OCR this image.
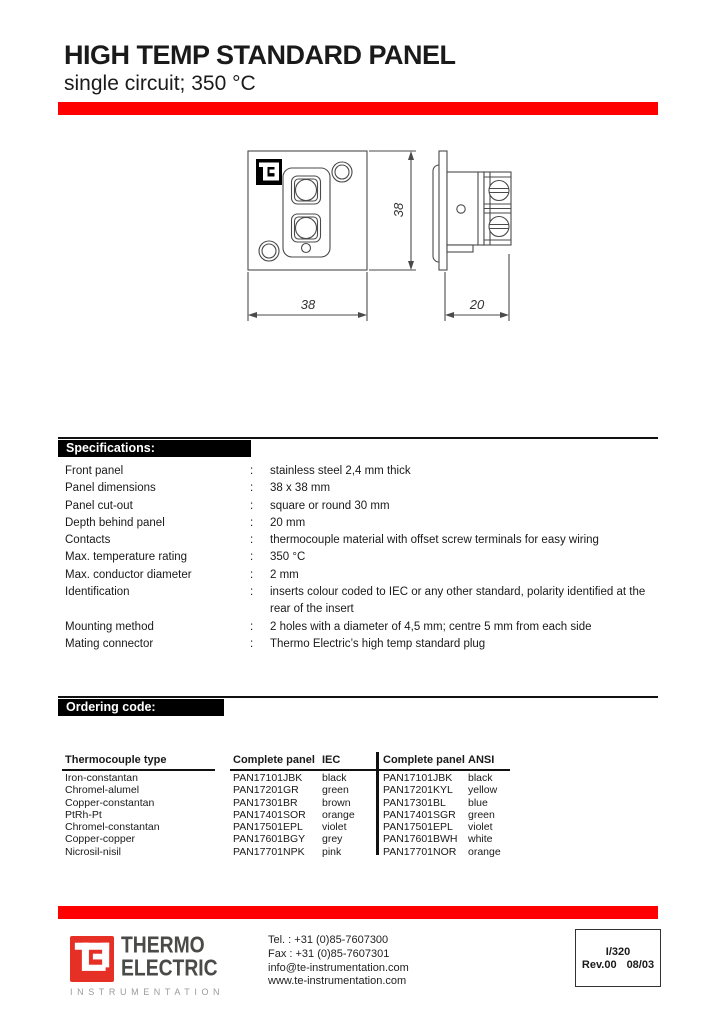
HIGH TEMP STANDARD PANEL
single circuit; 350 °C
38
38	20
Specifications:
Front panel	:	stainless steel 2,4 mm thick
Panel dimensions	:	38 x 38 mm
Panel cut-out	:	square or round 30 mm
Depth behind panel	:	20 mm
Contacts	:	thermocouple material with offset screw terminals for easy wiring
Max. temperature rating	:	350 °C
Max. conductor diameter	:	2 mm
Identification	:	inserts colour coded to IEC or any other standard, polarity identified at the rear of the insert
Mounting method	:	2 holes with a diameter of 4,5 mm; centre 5 mm from each side
Mating connector	:	Thermo Electric’s high temp standard plug
Ordering code:
Thermocouple type	Complete panel IEC	Complete panel ANSI
Iron-constantan	PAN17101JBK	black	PAN17101JBK	black
Chromel-alumel	PAN17201GR	green	PAN17201KYL	yellow
Copper-constantan	PAN17301BR	brown	PAN17301BL	blue
PtRh-Pt	PAN17401SOR	orange	PAN17401SGR	green
Chromel-constantan	PAN17501EPL	violet	PAN17501EPL	violet
Copper-copper	PAN17601BGY	grey	PAN17601BWH white
Nicrosil-nisil	PAN17701NPK	pink	PAN17701NOR	orange
THERMO
ELECTRIC
INSTRUMENTATION
Tel. : +31 (0)85-7607300
Fax : +31 (0)85-7607301
info@te-instrumentation.com
www.te-instrumentation.com
I/320
Rev.00 08/03
